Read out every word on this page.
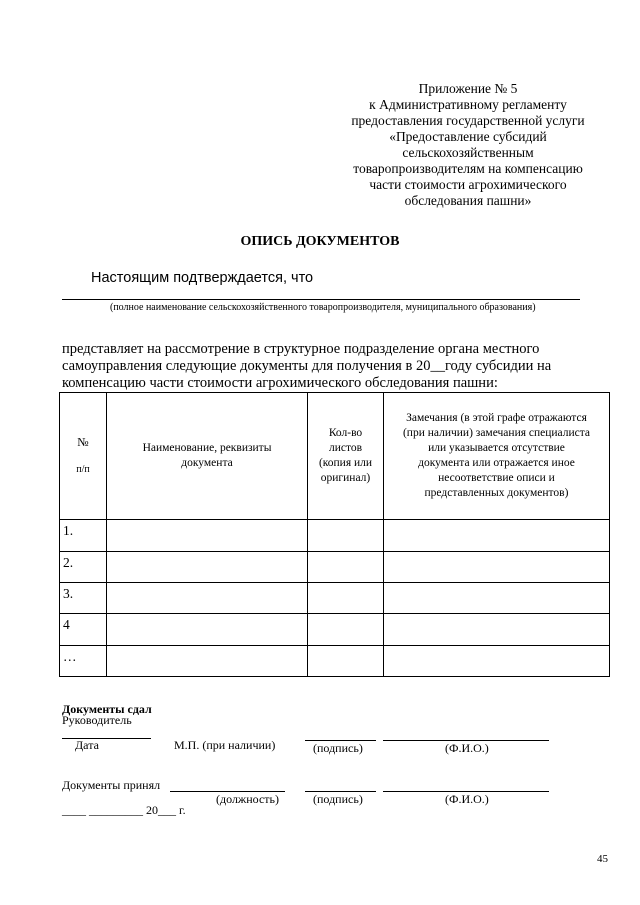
Приложение № 5
к Административному регламенту
предоставления государственной услуги
«Предоставление субсидий
сельскохозяйственным
товаропроизводителям на компенсацию
части стоимости агрохимического
обследования пашни»
ОПИСЬ ДОКУМЕНТОВ
Настоящим подтверждается, что
(полное наименование сельскохозяйственного товаропроизводителя, муниципального образования)
представляет на рассмотрение в структурное подразделение органа местного
самоуправления следующие документы для получения в 20__году субсидии на
компенсацию части стоимости агрохимического обследования пашни:
№
п/п	Наименование, реквизиты документа	Кол-во листов (копия или оригинал)	Замечания (в этой графе отражаются (при наличии) замечания специалиста или указывается отсутствие документа или отражается иное несоответствие описи и представленных документов)

1.			
2.			
3.			
4			
…			
Документы сдал
Руководитель
Дата	М.П. (при наличии)	(подпись)	(Ф.И.О.)
Документы принял
(должность)	(подпись)	(Ф.И.О.)
____ _________ 20___ г.
45
